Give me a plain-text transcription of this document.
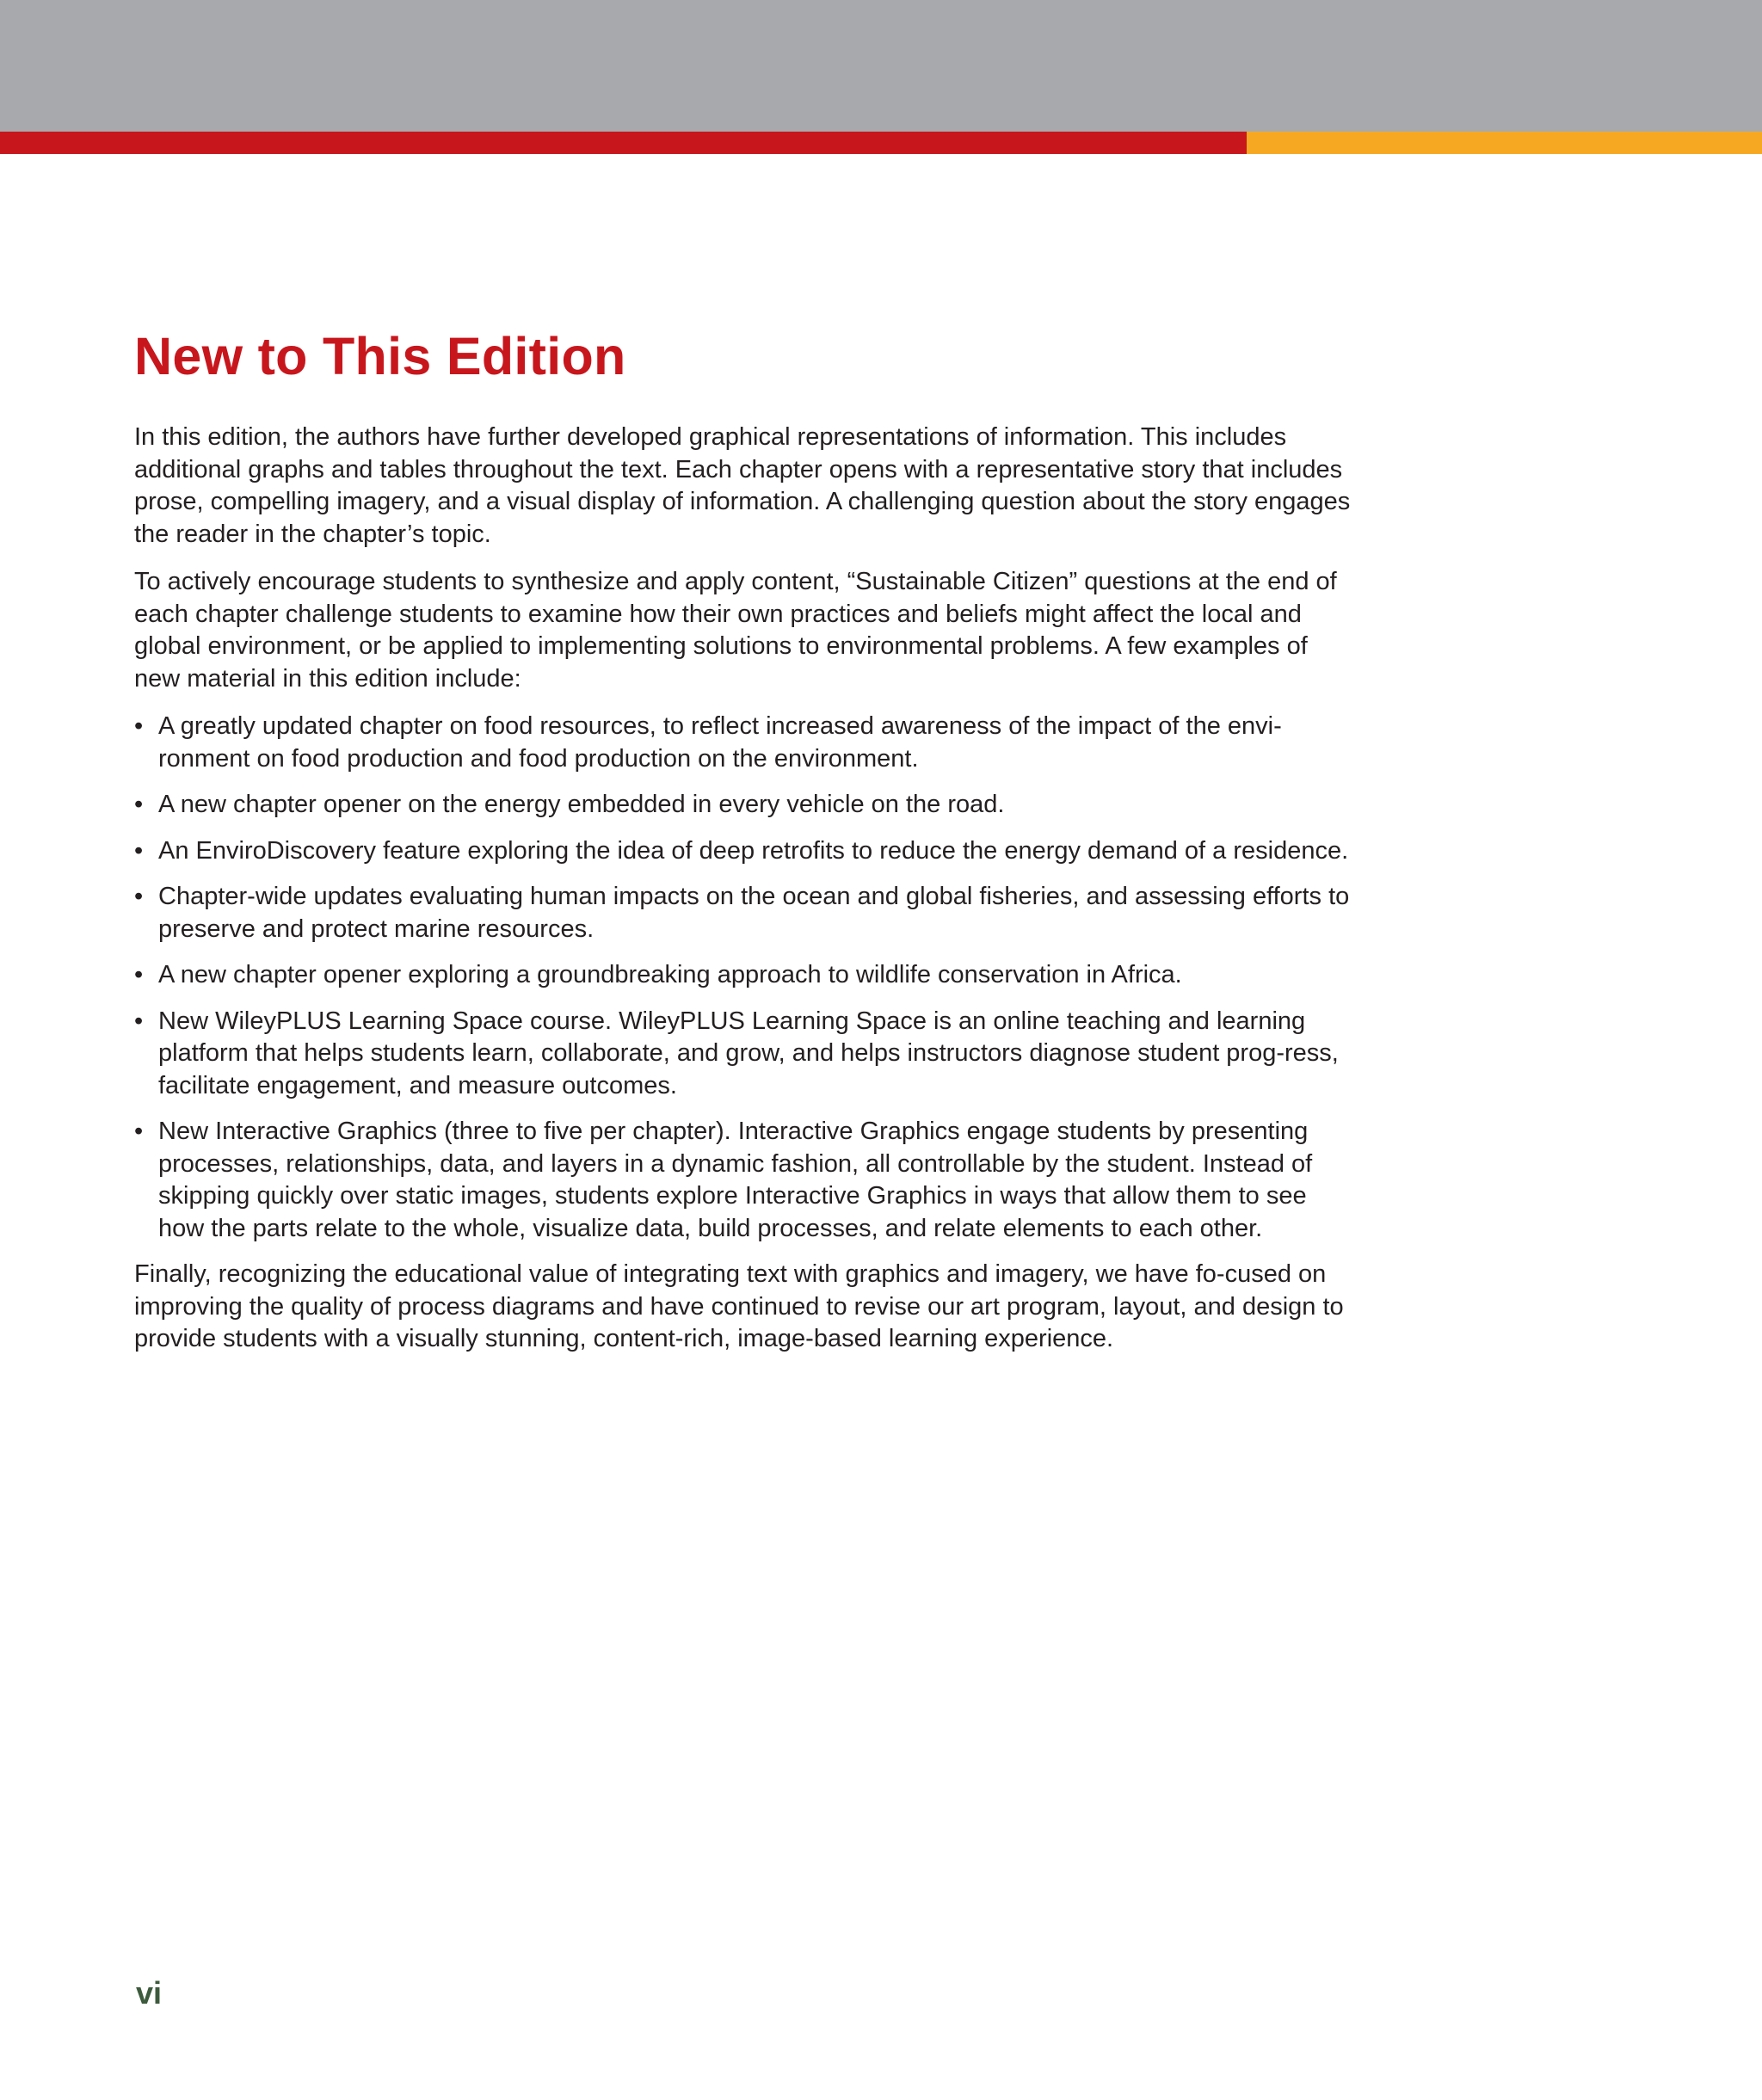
New to This Edition

In this edition, the authors have further developed graphical representations of information. This includes additional graphs and tables throughout the text. Each chapter opens with a representative story that includes prose, compelling imagery, and a visual display of information. A challenging question about the story engages the reader in the chapter’s topic.

To actively encourage students to synthesize and apply content, “Sustainable Citizen” questions at the end of each chapter challenge students to examine how their own practices and beliefs might affect the local and global environment, or be applied to implementing solutions to environmental problems. A few examples of new material in this edition include:

• A greatly updated chapter on food resources, to reflect increased awareness of the impact of the envi-ronment on food production and food production on the environment.
• A new chapter opener on the energy embedded in every vehicle on the road.
• An EnviroDiscovery feature exploring the idea of deep retrofits to reduce the energy demand of a residence.
• Chapter-wide updates evaluating human impacts on the ocean and global fisheries, and assessing efforts to preserve and protect marine resources.
• A new chapter opener exploring a groundbreaking approach to wildlife conservation in Africa.
• New WileyPLUS Learning Space course. WileyPLUS Learning Space is an online teaching and learning platform that helps students learn, collaborate, and grow, and helps instructors diagnose student prog-ress, facilitate engagement, and measure outcomes.
• New Interactive Graphics (three to five per chapter). Interactive Graphics engage students by presenting processes, relationships, data, and layers in a dynamic fashion, all controllable by the student. Instead of skipping quickly over static images, students explore Interactive Graphics in ways that allow them to see how the parts relate to the whole, visualize data, build processes, and relate elements to each other.

Finally, recognizing the educational value of integrating text with graphics and imagery, we have fo-cused on improving the quality of process diagrams and have continued to revise our art program, layout, and design to provide students with a visually stunning, content-rich, image-based learning experience.

vi
